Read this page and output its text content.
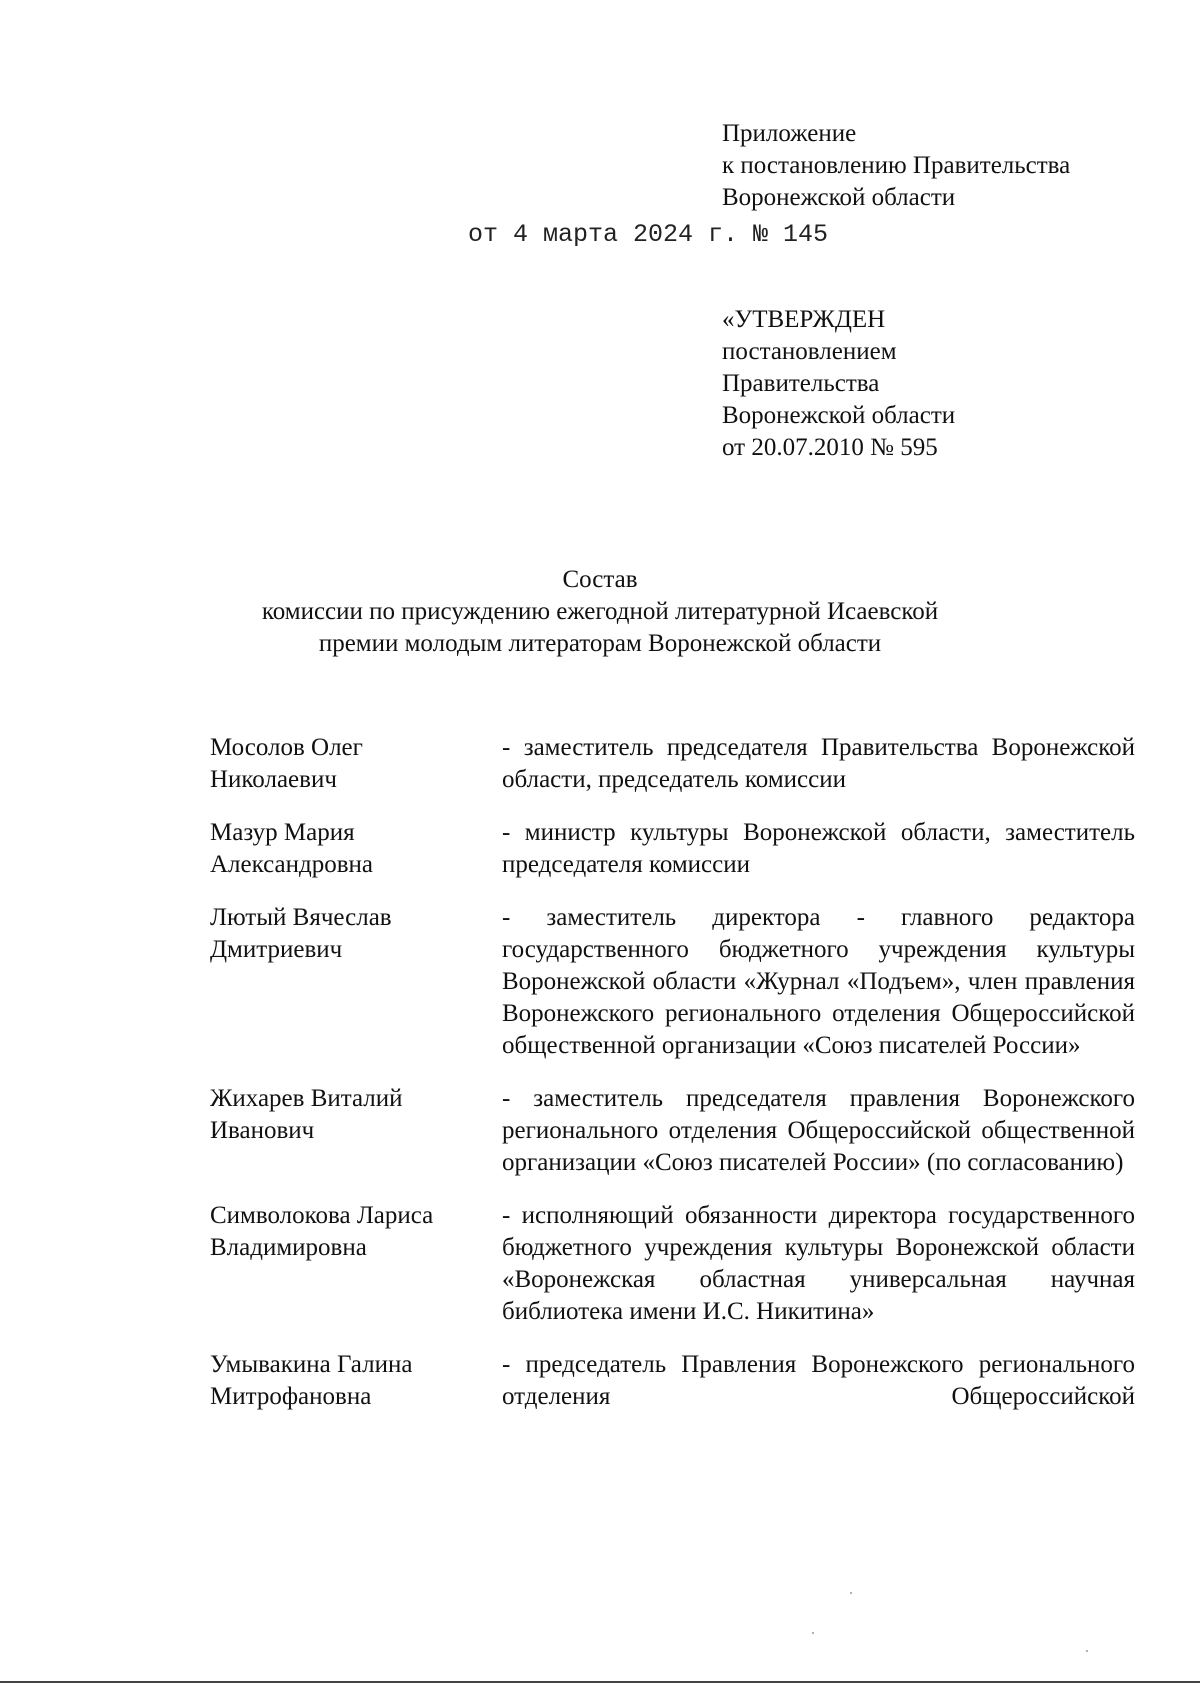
Приложение
к постановлению Правительства
Воронежской области
от 4 марта 2024 г. № 145
«УТВЕРЖДЕН
постановлением
Правительства
Воронежской области
от 20.07.2010 № 595
Состав
комиссии по присуждению ежегодной литературной Исаевской
премии молодым литераторам Воронежской области
Мосолов Олег
Николаевич
- заместитель председателя Правительства Воронежской области, председатель комиссии
Мазур Мария
Александровна
- министр культуры Воронежской области, заместитель председателя комиссии
Лютый Вячеслав
Дмитриевич
- заместитель директора - главного редактора государственного бюджетного учреждения культуры Воронежской области «Журнал «Подъем», член правления Воронежского регионального отделения Общероссийской общественной организации «Союз писателей России»
Жихарев Виталий
Иванович
- заместитель председателя правления Воронежского регионального отделения Общероссийской общественной организации «Союз писателей России» (по согласованию)
Символокова Лариса
Владимировна
- исполняющий обязанности директора государственного бюджетного учреждения культуры Воронежской области «Воронежская областная универсальная научная библиотека имени И.С. Никитина»
Умывакина Галина
Митрофановна
- председатель Правления Воронежского регионального отделения Общероссийской
